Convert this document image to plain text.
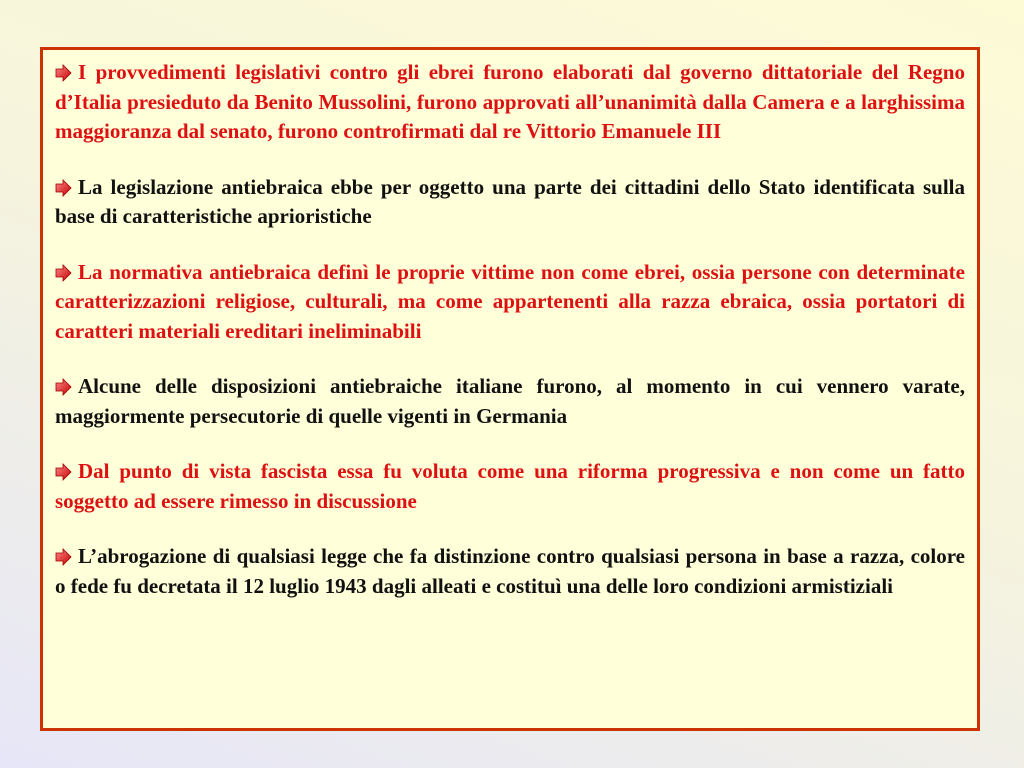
I provvedimenti legislativi contro gli ebrei furono elaborati dal governo dittatoriale del Regno d’Italia presieduto da Benito Mussolini, furono approvati all’unanimità dalla Camera e a larghissima maggioranza dal senato, furono controfirmati dal re Vittorio Emanuele III

La legislazione antiebraica ebbe per oggetto una parte dei cittadini dello Stato identificata sulla base di caratteristiche aprioristiche

La normativa antiebraica definì le proprie vittime non come ebrei, ossia persone con determinate caratterizzazioni religiose, culturali, ma come appartenenti alla razza ebraica, ossia portatori di caratteri materiali ereditari ineliminabili

Alcune delle disposizioni antiebraiche italiane furono, al momento in cui vennero varate, maggiormente persecutorie di quelle vigenti in Germania

Dal punto di vista fascista essa fu voluta come una riforma progressiva e non come un fatto soggetto ad essere rimesso in discussione

L’abrogazione di qualsiasi legge che fa distinzione contro qualsiasi persona in base a razza, colore o fede fu decretata il 12 luglio 1943 dagli alleati e costituì una delle loro condizioni armistiziali
